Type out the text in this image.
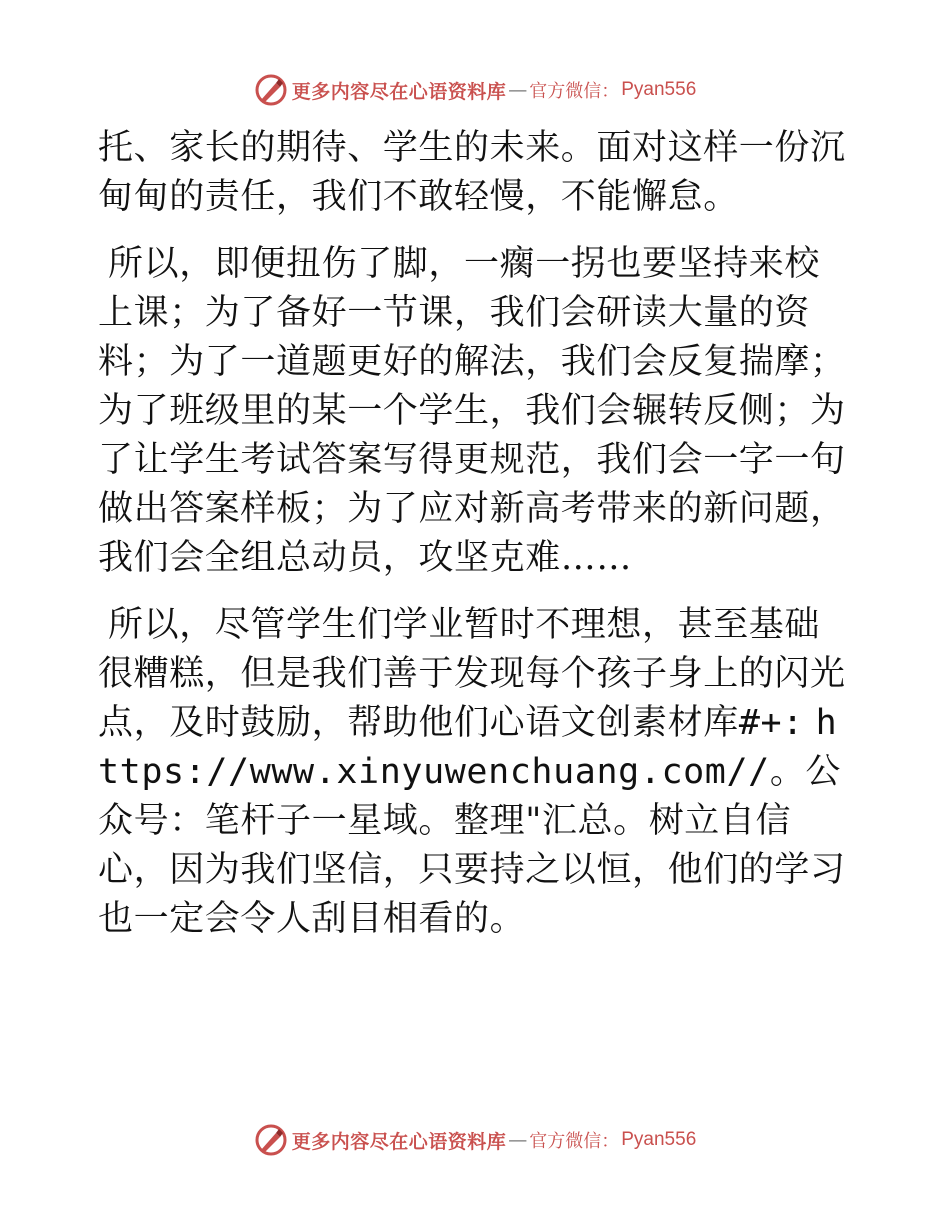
更多内容尽在心语资料库 — 官方微信： Pyan556

托、家长的期待、学生的未来。面对这样一份沉甸甸的责任，我们不敢轻慢，不能懈怠。

所以，即便扭伤了脚，一瘸一拐也要坚持来校上课；为了备好一节课，我们会研读大量的资料；为了一道题更好的解法，我们会反复揣摩；为了班级里的某一个学生，我们会辗转反侧；为了让学生考试答案写得更规范，我们会一字一句做出答案样板；为了应对新高考带来的新问题，我们会全组总动员，攻坚克难……

所以，尽管学生们学业暂时不理想，甚至基础很糟糕，但是我们善于发现每个孩子身上的闪光点，及时鼓励，帮助他们心语文创素材库#+: https://www.xinyuwenchuang.com//。公众号：笔杆子一星域。整理"汇总。树立自信心，因为我们坚信，只要持之以恒，他们的学习也一定会令人刮目相看的。

更多内容尽在心语资料库 — 官方微信： Pyan556
